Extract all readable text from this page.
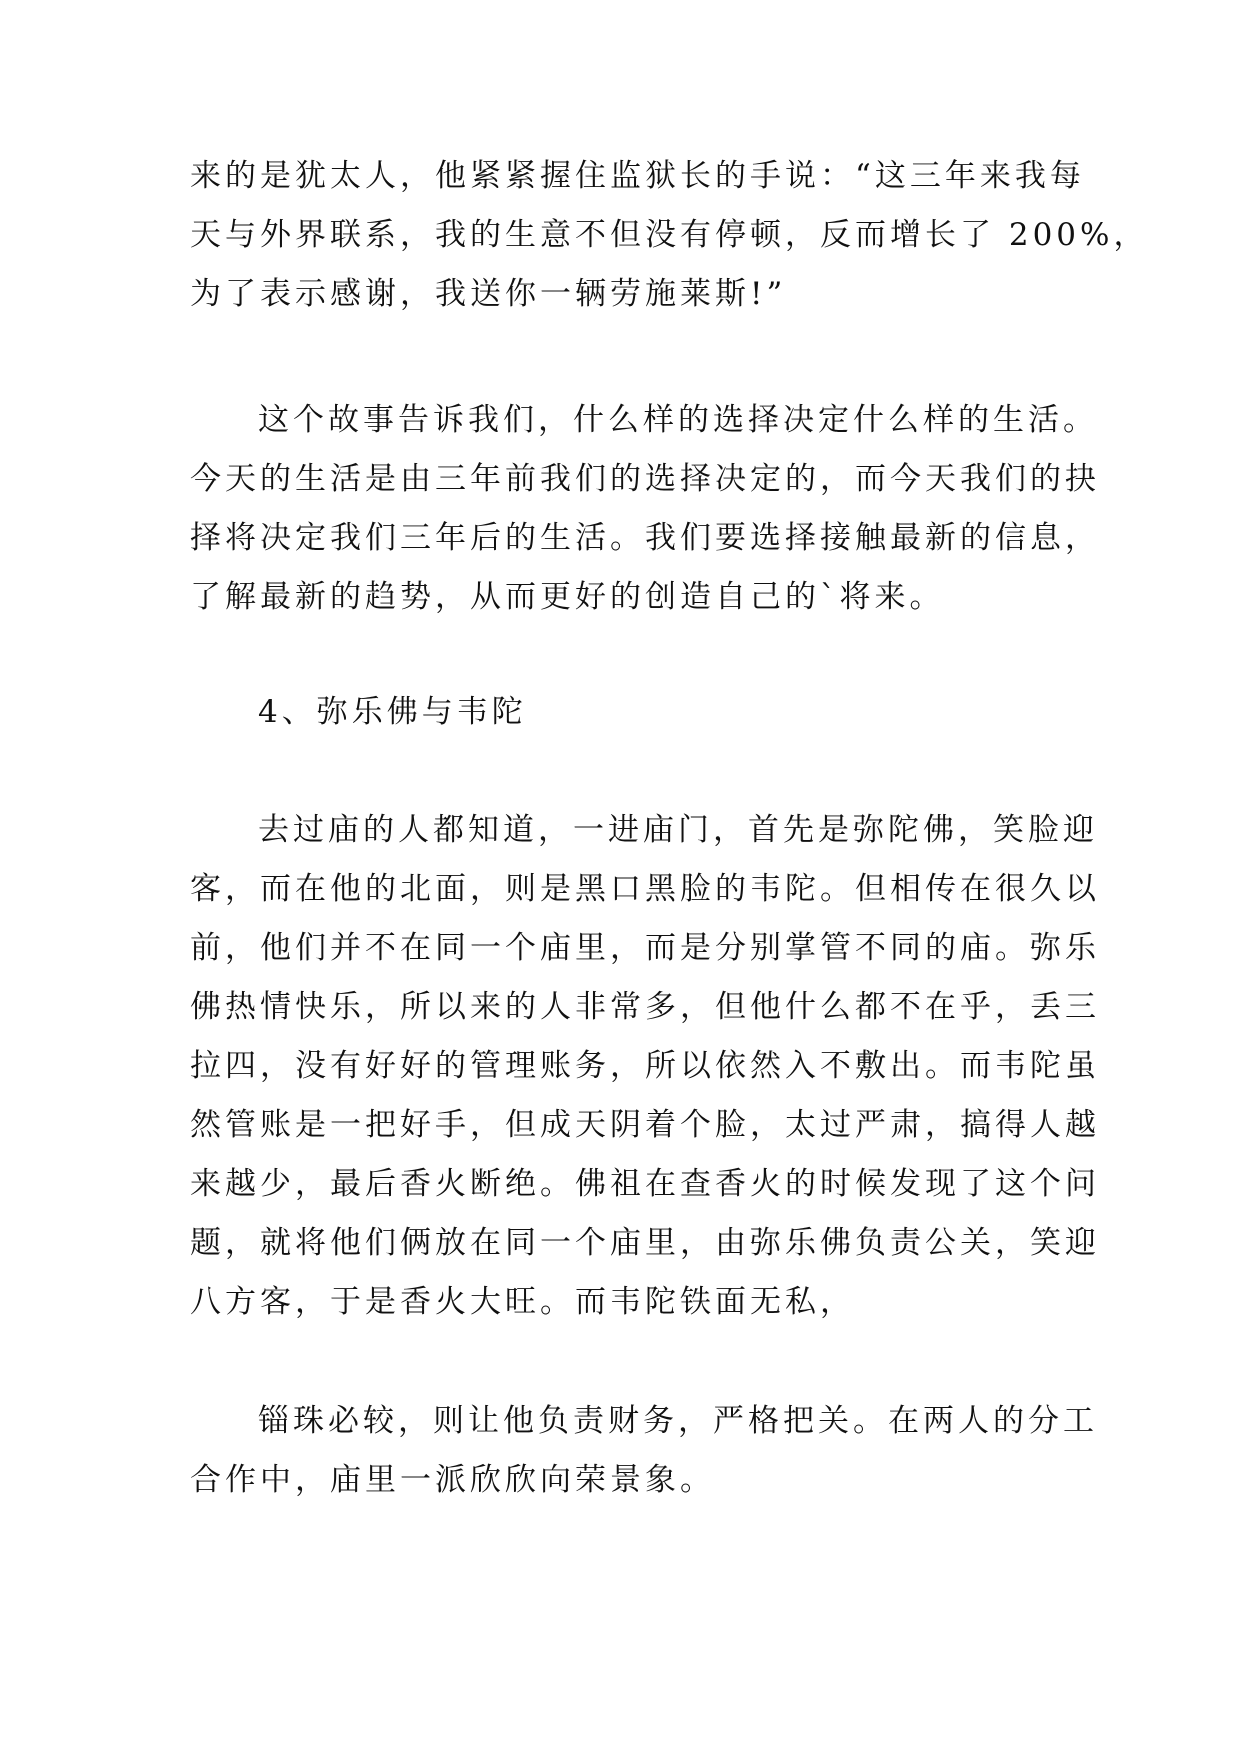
来的是犹太人，他紧紧握住监狱长的手说：“这三年来我每
天与外界联系，我的生意不但没有停顿，反而增长了 200%，
为了表示感谢，我送你一辆劳施莱斯!”
这个故事告诉我们，什么样的选择决定什么样的生活。
今天的生活是由三年前我们的选择决定的，而今天我们的抉
择将决定我们三年后的生活。我们要选择接触最新的信息，
了解最新的趋势，从而更好的创造自己的`将来。
4、弥乐佛与韦陀
去过庙的人都知道，一进庙门，首先是弥陀佛，笑脸迎
客，而在他的北面，则是黑口黑脸的韦陀。但相传在很久以
前，他们并不在同一个庙里，而是分别掌管不同的庙。弥乐
佛热情快乐，所以来的人非常多，但他什么都不在乎，丢三
拉四，没有好好的管理账务，所以依然入不敷出。而韦陀虽
然管账是一把好手，但成天阴着个脸，太过严肃，搞得人越
来越少，最后香火断绝。佛祖在查香火的时候发现了这个问
题，就将他们俩放在同一个庙里，由弥乐佛负责公关，笑迎
八方客，于是香火大旺。而韦陀铁面无私，
锱珠必较，则让他负责财务，严格把关。在两人的分工
合作中，庙里一派欣欣向荣景象。
